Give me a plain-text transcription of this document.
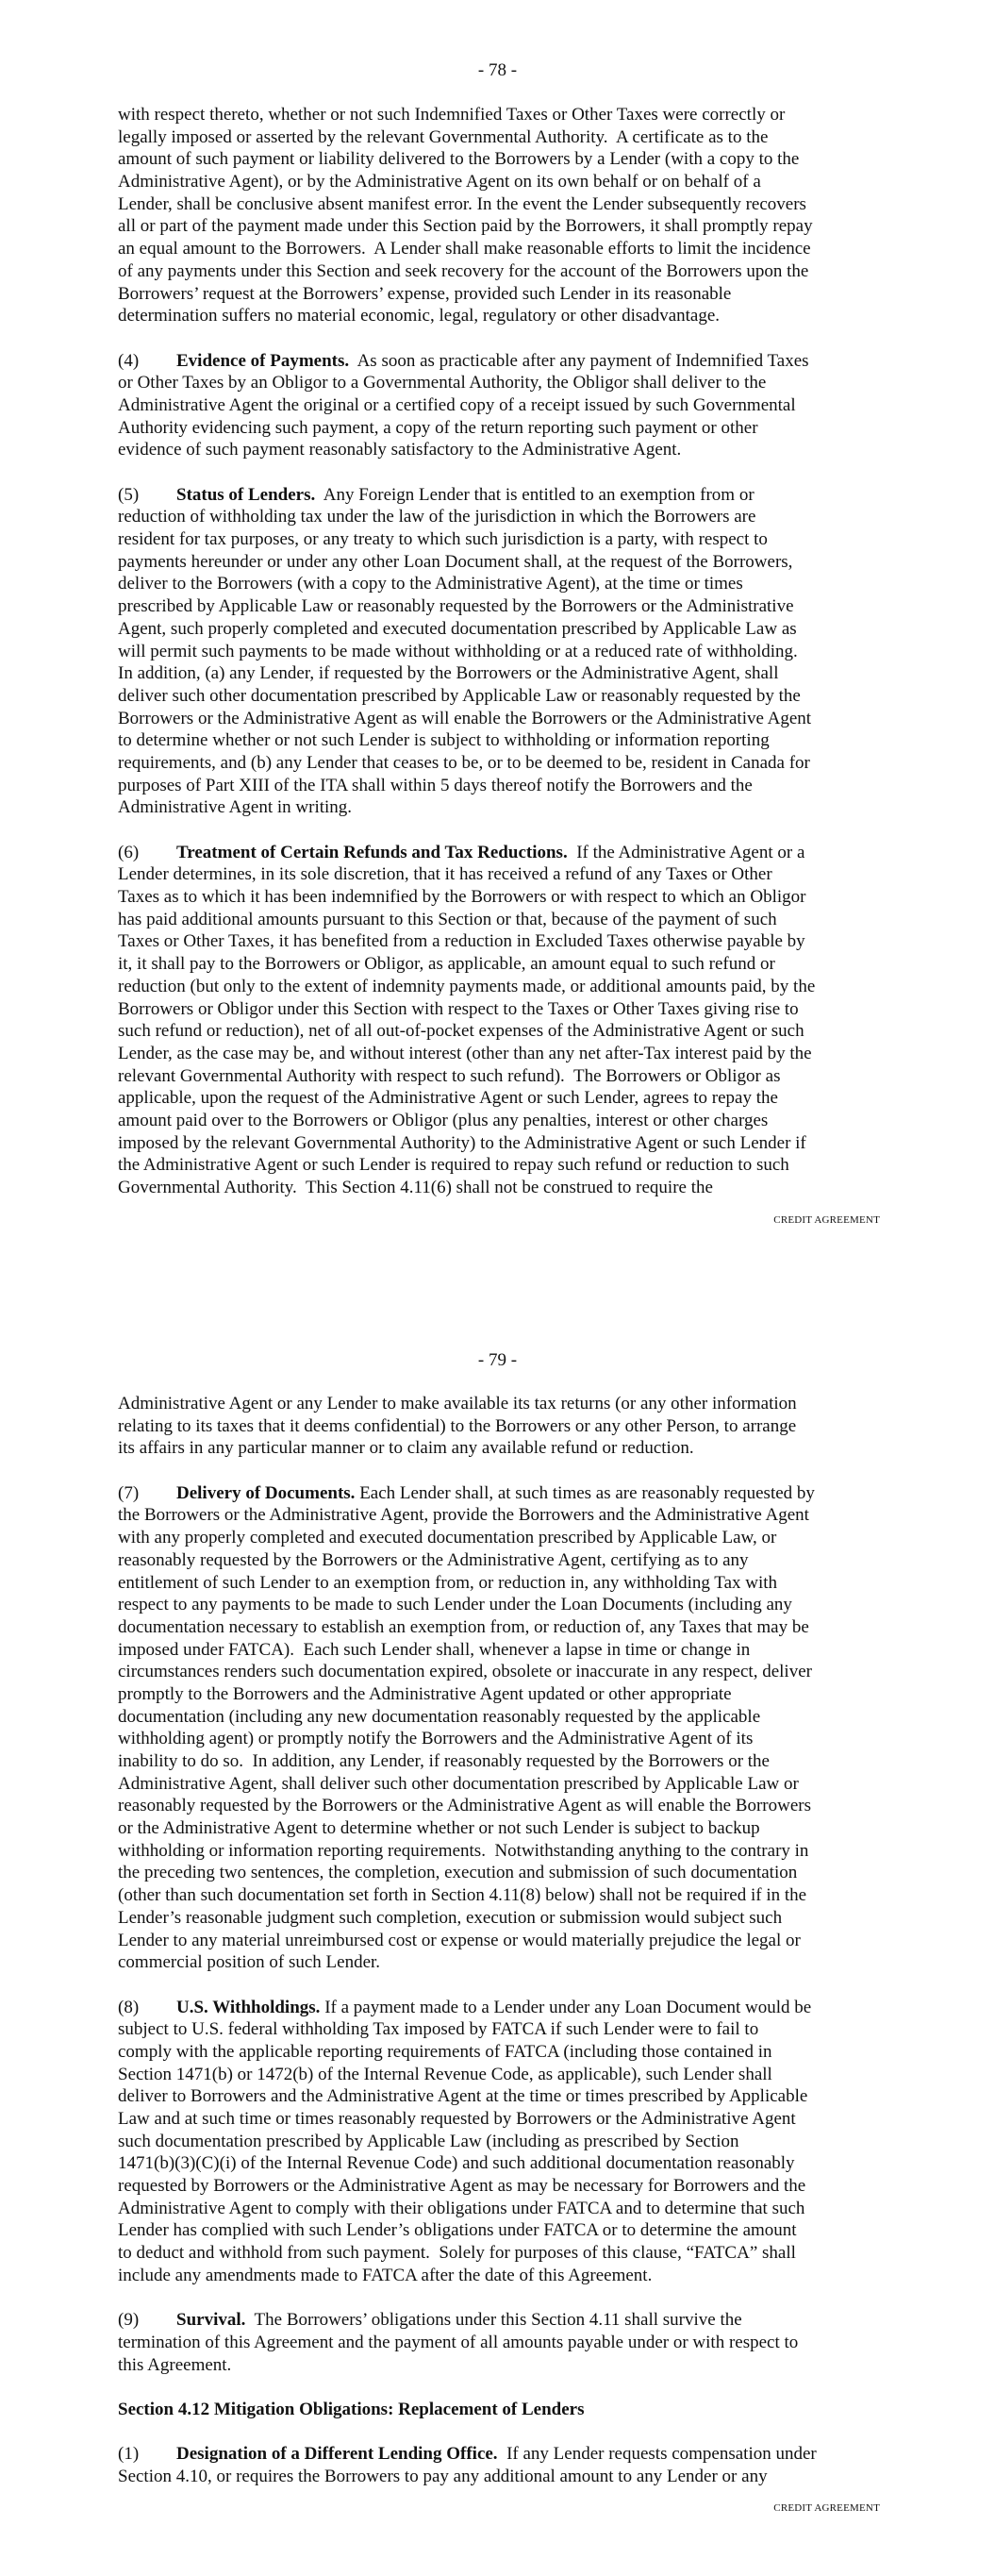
- 78 -
with respect thereto, whether or not such Indemnified Taxes or Other Taxes were correctly or
legally imposed or asserted by the relevant Governmental Authority.  A certificate as to the
amount of such payment or liability delivered to the Borrowers by a Lender (with a copy to the
Administrative Agent), or by the Administrative Agent on its own behalf or on behalf of a
Lender, shall be conclusive absent manifest error. In the event the Lender subsequently recovers
all or part of the payment made under this Section paid by the Borrowers, it shall promptly repay
an equal amount to the Borrowers.  A Lender shall make reasonable efforts to limit the incidence
of any payments under this Section and seek recovery for the account of the Borrowers upon the
Borrowers’ request at the Borrowers’ expense, provided such Lender in its reasonable
determination suffers no material economic, legal, regulatory or other disadvantage.
(4) Evidence of Payments.  As soon as practicable after any payment of Indemnified Taxes
or Other Taxes by an Obligor to a Governmental Authority, the Obligor shall deliver to the
Administrative Agent the original or a certified copy of a receipt issued by such Governmental
Authority evidencing such payment, a copy of the return reporting such payment or other
evidence of such payment reasonably satisfactory to the Administrative Agent.
(5) Status of Lenders.  Any Foreign Lender that is entitled to an exemption from or
reduction of withholding tax under the law of the jurisdiction in which the Borrowers are
resident for tax purposes, or any treaty to which such jurisdiction is a party, with respect to
payments hereunder or under any other Loan Document shall, at the request of the Borrowers,
deliver to the Borrowers (with a copy to the Administrative Agent), at the time or times
prescribed by Applicable Law or reasonably requested by the Borrowers or the Administrative
Agent, such properly completed and executed documentation prescribed by Applicable Law as
will permit such payments to be made without withholding or at a reduced rate of withholding.
In addition, (a) any Lender, if requested by the Borrowers or the Administrative Agent, shall
deliver such other documentation prescribed by Applicable Law or reasonably requested by the
Borrowers or the Administrative Agent as will enable the Borrowers or the Administrative Agent
to determine whether or not such Lender is subject to withholding or information reporting
requirements, and (b) any Lender that ceases to be, or to be deemed to be, resident in Canada for
purposes of Part XIII of the ITA shall within 5 days thereof notify the Borrowers and the
Administrative Agent in writing.
(6) Treatment of Certain Refunds and Tax Reductions.  If the Administrative Agent or a
Lender determines, in its sole discretion, that it has received a refund of any Taxes or Other
Taxes as to which it has been indemnified by the Borrowers or with respect to which an Obligor
has paid additional amounts pursuant to this Section or that, because of the payment of such
Taxes or Other Taxes, it has benefited from a reduction in Excluded Taxes otherwise payable by
it, it shall pay to the Borrowers or Obligor, as applicable, an amount equal to such refund or
reduction (but only to the extent of indemnity payments made, or additional amounts paid, by the
Borrowers or Obligor under this Section with respect to the Taxes or Other Taxes giving rise to
such refund or reduction), net of all out-of-pocket expenses of the Administrative Agent or such
Lender, as the case may be, and without interest (other than any net after-Tax interest paid by the
relevant Governmental Authority with respect to such refund).  The Borrowers or Obligor as
applicable, upon the request of the Administrative Agent or such Lender, agrees to repay the
amount paid over to the Borrowers or Obligor (plus any penalties, interest or other charges
imposed by the relevant Governmental Authority) to the Administrative Agent or such Lender if
the Administrative Agent or such Lender is required to repay such refund or reduction to such
Governmental Authority.  This Section 4.11(6) shall not be construed to require the
CREDIT AGREEMENT
- 79 -
Administrative Agent or any Lender to make available its tax returns (or any other information
relating to its taxes that it deems confidential) to the Borrowers or any other Person, to arrange
its affairs in any particular manner or to claim any available refund or reduction.
(7) Delivery of Documents. Each Lender shall, at such times as are reasonably requested by
the Borrowers or the Administrative Agent, provide the Borrowers and the Administrative Agent
with any properly completed and executed documentation prescribed by Applicable Law, or
reasonably requested by the Borrowers or the Administrative Agent, certifying as to any
entitlement of such Lender to an exemption from, or reduction in, any withholding Tax with
respect to any payments to be made to such Lender under the Loan Documents (including any
documentation necessary to establish an exemption from, or reduction of, any Taxes that may be
imposed under FATCA).  Each such Lender shall, whenever a lapse in time or change in
circumstances renders such documentation expired, obsolete or inaccurate in any respect, deliver
promptly to the Borrowers and the Administrative Agent updated or other appropriate
documentation (including any new documentation reasonably requested by the applicable
withholding agent) or promptly notify the Borrowers and the Administrative Agent of its
inability to do so.  In addition, any Lender, if reasonably requested by the Borrowers or the
Administrative Agent, shall deliver such other documentation prescribed by Applicable Law or
reasonably requested by the Borrowers or the Administrative Agent as will enable the Borrowers
or the Administrative Agent to determine whether or not such Lender is subject to backup
withholding or information reporting requirements.  Notwithstanding anything to the contrary in
the preceding two sentences, the completion, execution and submission of such documentation
(other than such documentation set forth in Section 4.11(8) below) shall not be required if in the
Lender’s reasonable judgment such completion, execution or submission would subject such
Lender to any material unreimbursed cost or expense or would materially prejudice the legal or
commercial position of such Lender.
(8) U.S. Withholdings. If a payment made to a Lender under any Loan Document would be
subject to U.S. federal withholding Tax imposed by FATCA if such Lender were to fail to
comply with the applicable reporting requirements of FATCA (including those contained in
Section 1471(b) or 1472(b) of the Internal Revenue Code, as applicable), such Lender shall
deliver to Borrowers and the Administrative Agent at the time or times prescribed by Applicable
Law and at such time or times reasonably requested by Borrowers or the Administrative Agent
such documentation prescribed by Applicable Law (including as prescribed by Section
1471(b)(3)(C)(i) of the Internal Revenue Code) and such additional documentation reasonably
requested by Borrowers or the Administrative Agent as may be necessary for Borrowers and the
Administrative Agent to comply with their obligations under FATCA and to determine that such
Lender has complied with such Lender’s obligations under FATCA or to determine the amount
to deduct and withhold from such payment.  Solely for purposes of this clause, “FATCA” shall
include any amendments made to FATCA after the date of this Agreement.
(9) Survival.  The Borrowers’ obligations under this Section 4.11 shall survive the
termination of this Agreement and the payment of all amounts payable under or with respect to
this Agreement.
Section 4.12 Mitigation Obligations: Replacement of Lenders
(1) Designation of a Different Lending Office.  If any Lender requests compensation under
Section 4.10, or requires the Borrowers to pay any additional amount to any Lender or any
CREDIT AGREEMENT
